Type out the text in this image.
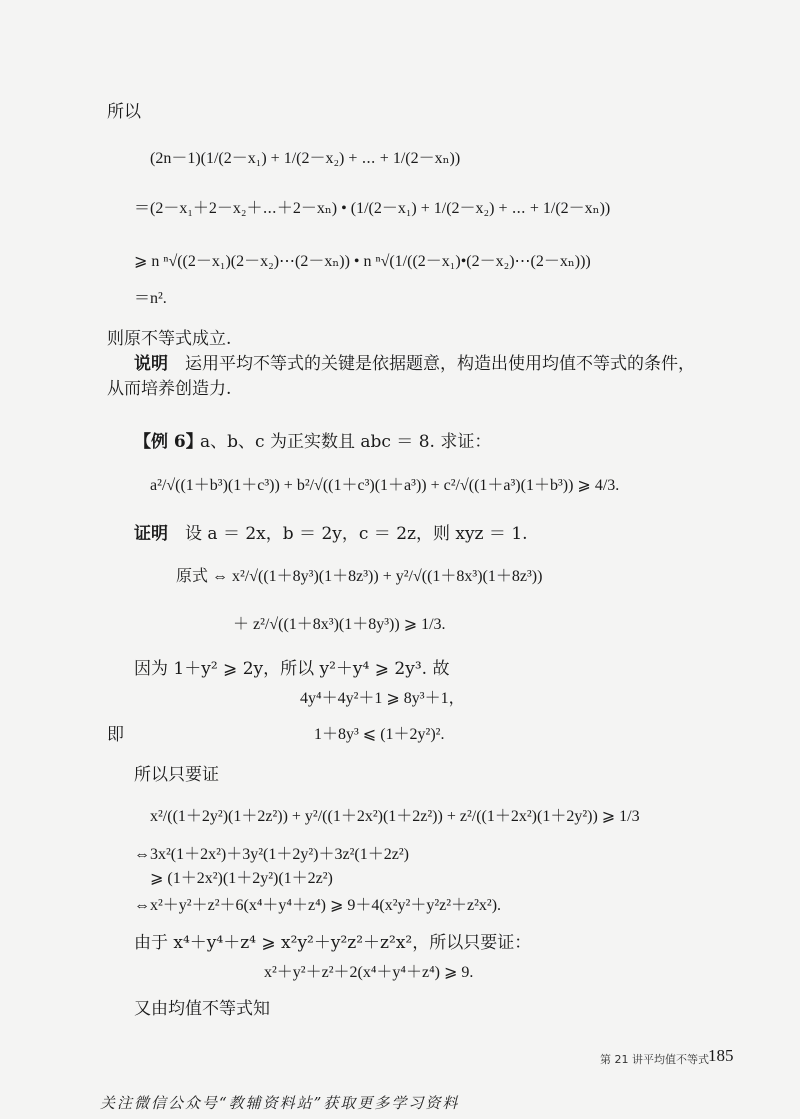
所以
(2n－1)(1/(2－x₁) + 1/(2－x₂) + ⋯ + 1/(2－xₙ))
＝(2－x₁＋2－x₂＋⋯＋2－xₙ) • (1/(2－x₁) + 1/(2－x₂) + ⋯ + 1/(2－xₙ))
⩾ n ⁿ√((2－x₁)(2－x₂)⋯(2－xₙ)) • n ⁿ√(1/((2－x₁)•(2－x₂)⋯(2－xₙ)))
＝n².
则原不等式成立.
说明 运用平均不等式的关键是依据题意，构造出使用均值不等式的条件，
从而培养创造力.
【例 6】
a、b、c 为正实数且 abc ＝ 8. 求证：
a²/√((1＋b³)(1＋c³)) + b²/√((1＋c³)(1＋a³)) + c²/√((1＋a³)(1＋b³)) ⩾ 4/3.
证明 设 a ＝ 2x，b ＝ 2y，c ＝ 2z，则 xyz ＝ 1.
原式 ⇔ x²/√((1＋8y³)(1＋8z³)) + y²/√((1＋8x³)(1＋8z³))
＋ z²/√((1＋8x³)(1＋8y³)) ⩾ 1/3.
因为 1＋y² ⩾ 2y，所以 y²＋y⁴ ⩾ 2y³. 故
4y⁴＋4y²＋1 ⩾ 8y³＋1，
即	1＋8y³ ⩽ (1＋2y²)².
所以只要证
x²/((1＋2y²)(1＋2z²)) + y²/((1＋2x²)(1＋2z²)) + z²/((1＋2x²)(1＋2y²)) ⩾ 1/3
⇔3x²(1＋2x²)＋3y²(1＋2y²)＋3z²(1＋2z²)
⩾ (1＋2x²)(1＋2y²)(1＋2z²)
⇔x²＋y²＋z²＋6(x⁴＋y⁴＋z⁴) ⩾ 9＋4(x²y²＋y²z²＋z²x²).
由于 x⁴＋y⁴＋z⁴ ⩾ x²y²＋y²z²＋z²x²，所以只要证：
x²＋y²＋z²＋2(x⁴＋y⁴＋z⁴) ⩾ 9.
又由均值不等式知
第 21 讲 平均值不等式 185
关注微信公众号“教辅资料站”获取更多学习资料
